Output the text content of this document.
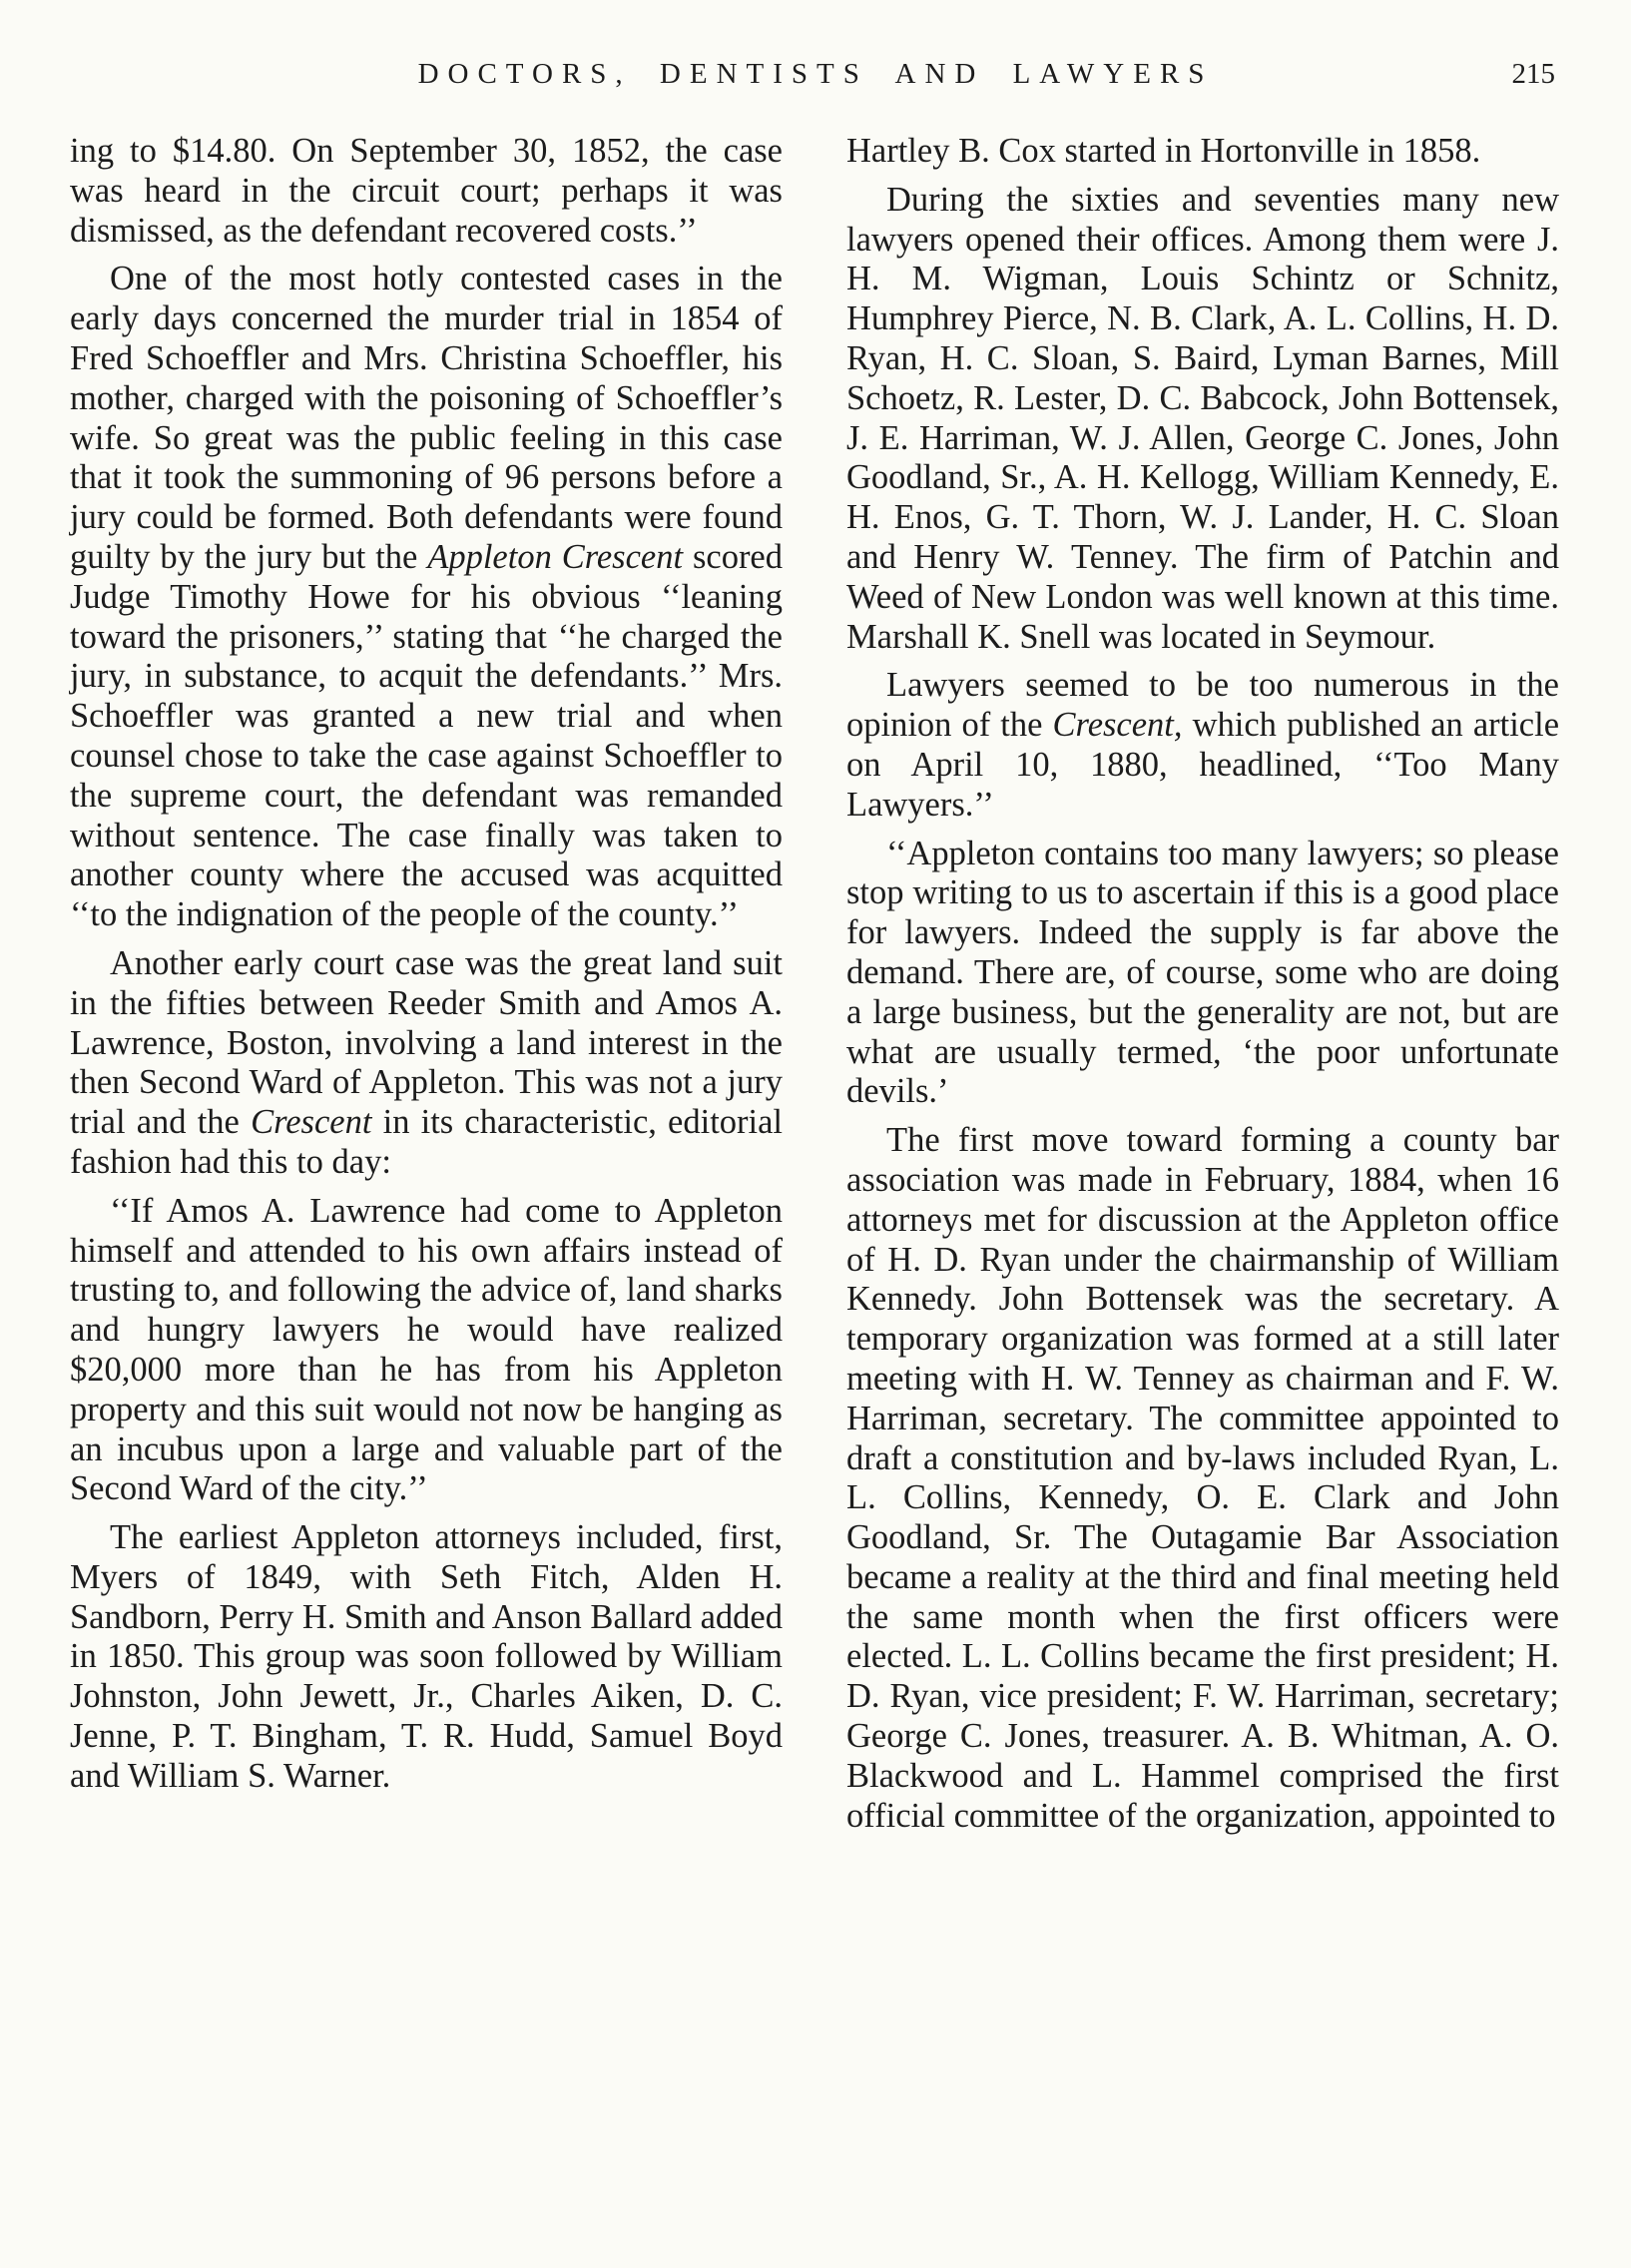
DOCTORS, DENTISTS AND LAWYERS	215

ing to $14.80. On September 30, 1852, the case was heard in the circuit court; perhaps it was dismissed, as the defendant recovered costs.’’

One of the most hotly contested cases in the early days concerned the murder trial in 1854 of Fred Schoeffler and Mrs. Christina Schoeffler, his mother, charged with the poisoning of Schoeffler’s wife. So great was the public feeling in this case that it took the summoning of 96 persons before a jury could be formed. Both defendants were found guilty by the jury but the Appleton Crescent scored Judge Timothy Howe for his obvious ‘‘leaning toward the prisoners,’’ stating that ‘‘he charged the jury, in substance, to acquit the defendants.’’ Mrs. Schoeffler was granted a new trial and when counsel chose to take the case against Schoeffler to the supreme court, the defendant was remanded without sentence. The case finally was taken to another county where the accused was acquitted ‘‘to the indignation of the people of the county.’’

Another early court case was the great land suit in the fifties between Reeder Smith and Amos A. Lawrence, Boston, involving a land interest in the then Second Ward of Appleton. This was not a jury trial and the Crescent in its characteristic, editorial fashion had this to day:

‘‘If Amos A. Lawrence had come to Appleton himself and attended to his own affairs instead of trusting to, and following the advice of, land sharks and hungry lawyers he would have realized $20,000 more than he has from his Appleton property and this suit would not now be hanging as an incubus upon a large and valuable part of the Second Ward of the city.’’

The earliest Appleton attorneys included, first, Myers of 1849, with Seth Fitch, Alden H. Sandborn, Perry H. Smith and Anson Ballard added in 1850. This group was soon followed by William Johnston, John Jewett, Jr., Charles Aiken, D. C. Jenne, P. T. Bingham, T. R. Hudd, Samuel Boyd and William S. Warner.

Hartley B. Cox started in Hortonville in 1858.

During the sixties and seventies many new lawyers opened their offices. Among them were J. H. M. Wigman, Louis Schintz or Schnitz, Humphrey Pierce, N. B. Clark, A. L. Collins, H. D. Ryan, H. C. Sloan, S. Baird, Lyman Barnes, Mill Schoetz, R. Lester, D. C. Babcock, John Bottensek, J. E. Harriman, W. J. Allen, George C. Jones, John Goodland, Sr., A. H. Kellogg, William Kennedy, E. H. Enos, G. T. Thorn, W. J. Lander, H. C. Sloan and Henry W. Tenney. The firm of Patchin and Weed of New London was well known at this time. Marshall K. Snell was located in Seymour.

Lawyers seemed to be too numerous in the opinion of the Crescent, which published an article on April 10, 1880, headlined, ‘‘Too Many Lawyers.’’

‘‘Appleton contains too many lawyers; so please stop writing to us to ascertain if this is a good place for lawyers. Indeed the supply is far above the demand. There are, of course, some who are doing a large business, but the generality are not, but are what are usually termed, ‘the poor unfortunate devils.’

The first move toward forming a county bar association was made in February, 1884, when 16 attorneys met for discussion at the Appleton office of H. D. Ryan under the chairmanship of William Kennedy. John Bottensek was the secretary. A temporary organization was formed at a still later meeting with H. W. Tenney as chairman and F. W. Harriman, secretary. The committee appointed to draft a constitution and by-laws included Ryan, L. L. Collins, Kennedy, O. E. Clark and John Goodland, Sr. The Outagamie Bar Association became a reality at the third and final meeting held the same month when the first officers were elected. L. L. Collins became the first president; H. D. Ryan, vice president; F. W. Harriman, secretary; George C. Jones, treasurer. A. B. Whitman, A. O. Blackwood and L. Hammel comprised the first official committee of the organization, appointed to
